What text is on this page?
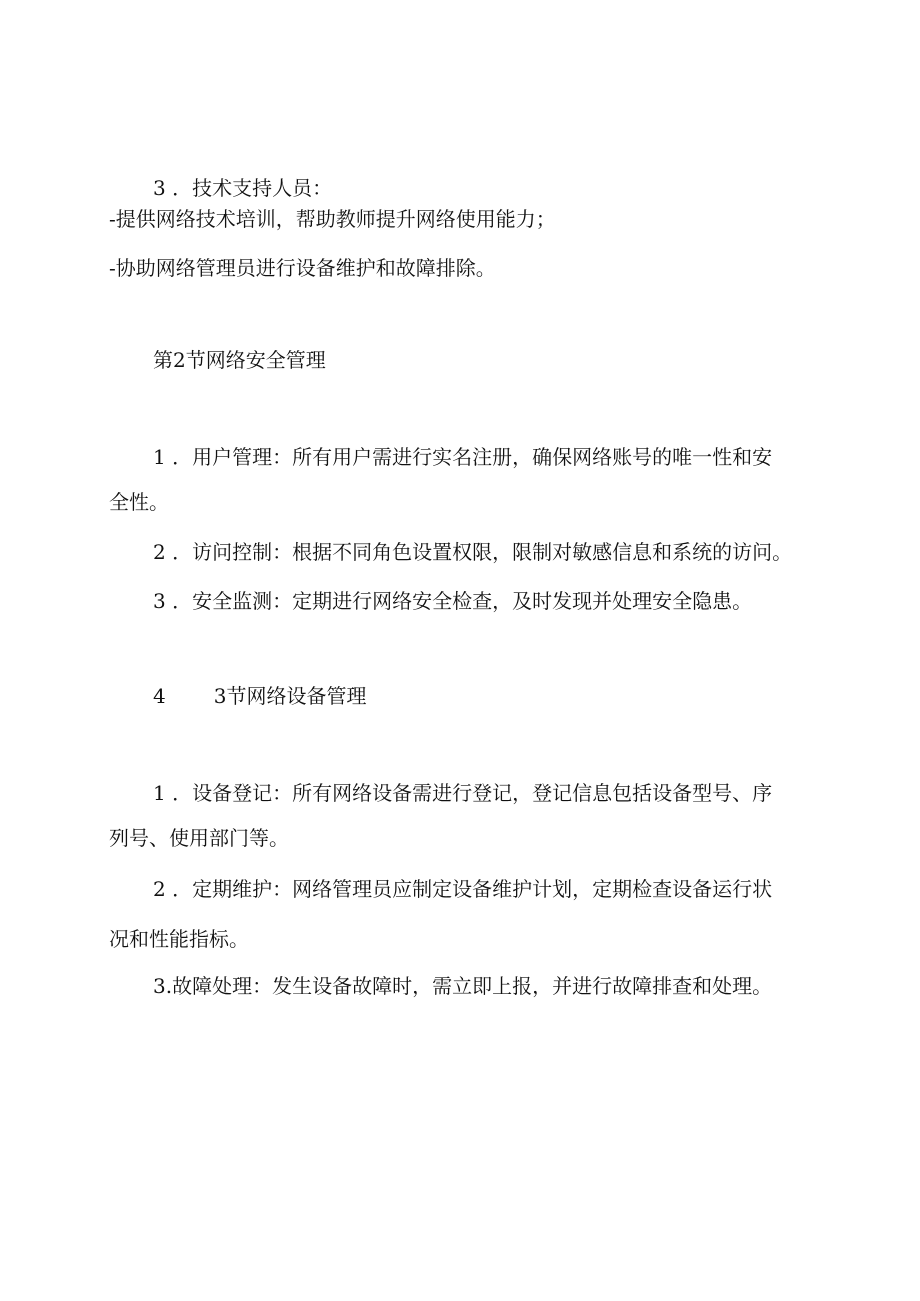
3 ．技术支持人员：
-提供网络技术培训，帮助教师提升网络使用能力；
-协助网络管理员进行设备维护和故障排除。
第2节网络安全管理
1 ．用户管理：所有用户需进行实名注册，确保网络账号的唯一性和安
全性。
2 ．访问控制：根据不同角色设置权限，限制对敏感信息和系统的访问。
3 ．安全监测：定期进行网络安全检查，及时发现并处理安全隐患。
4 3节网络设备管理
1 ．设备登记：所有网络设备需进行登记，登记信息包括设备型号、序
列号、使用部门等。
2 ．定期维护：网络管理员应制定设备维护计划，定期检查设备运行状
况和性能指标。
3.故障处理：发生设备故障时，需立即上报，并进行故障排查和处理。
